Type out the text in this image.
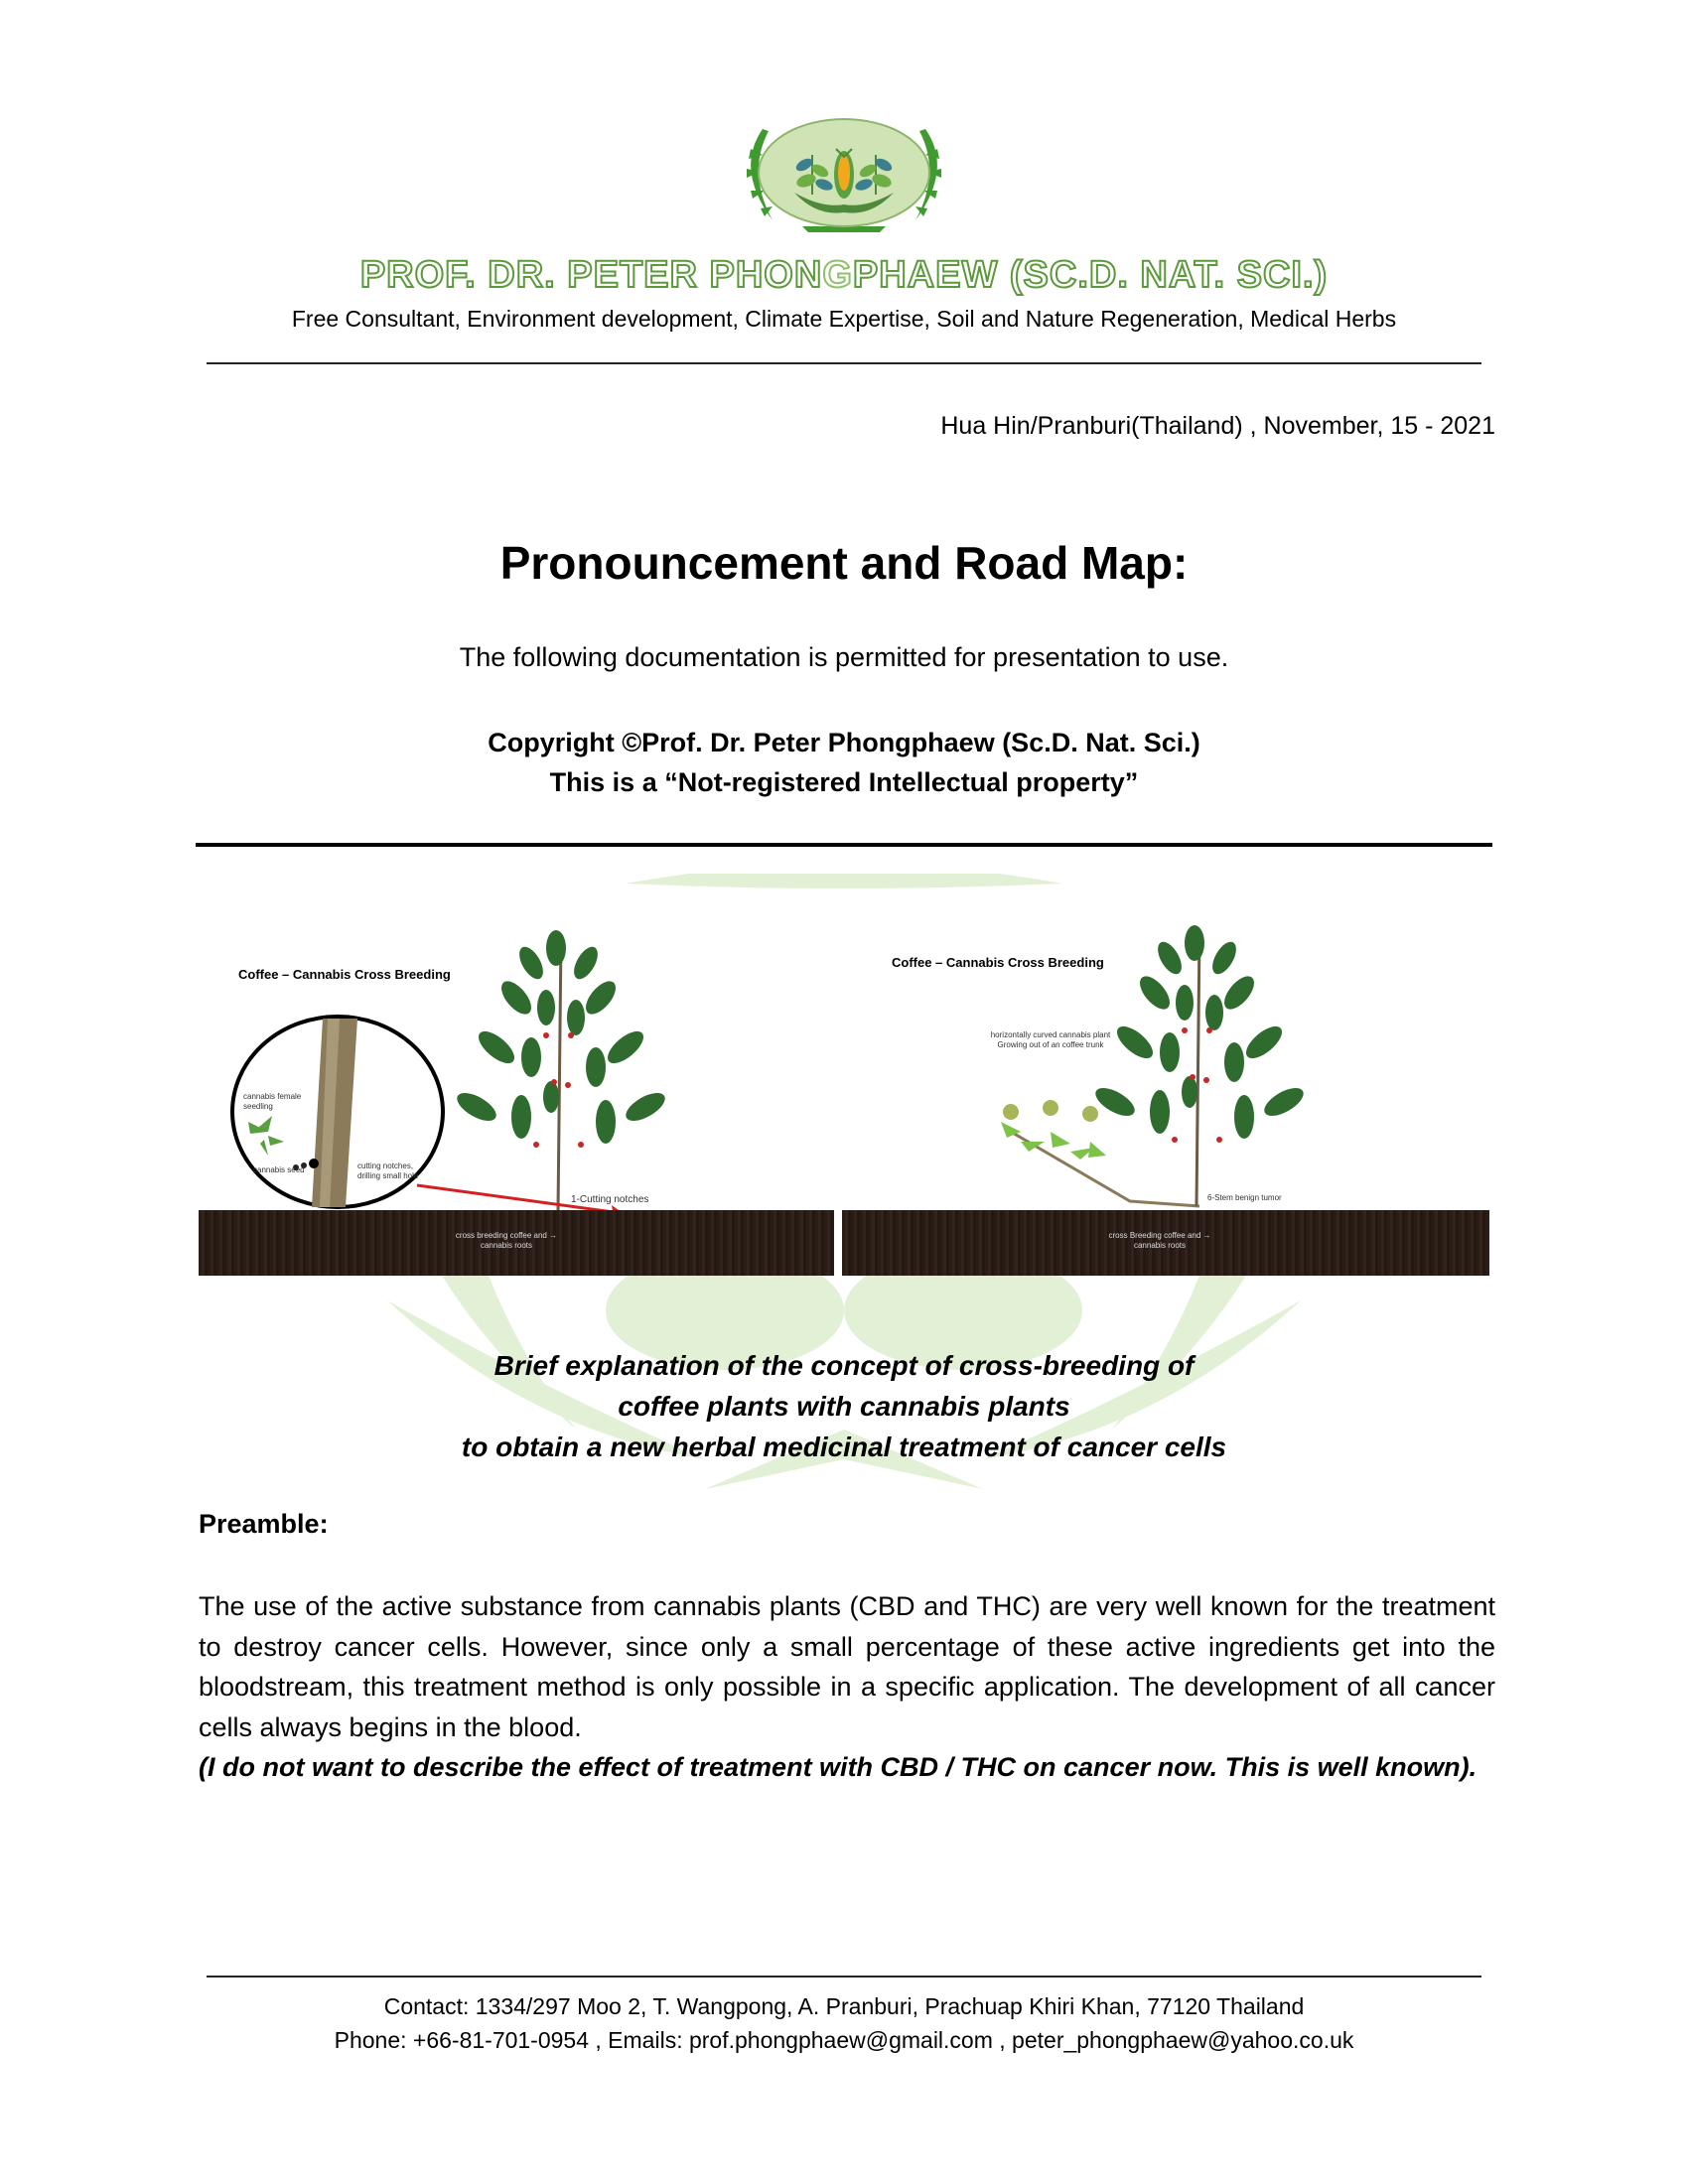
PROF. DR. PETER PHONGPHAEW (SC.D. NAT. SCI.)
Free Consultant, Environment development, Climate Expertise, Soil and Nature Regeneration, Medical Herbs
Hua Hin/Pranburi(Thailand) , November, 15 - 2021
Pronouncement and Road Map:
The following documentation is permitted for presentation to use.
Copyright ©Prof. Dr. Peter Phongphaew (Sc.D. Nat. Sci.)
This is a “Not-registered Intellectual property”
Coffee – Cannabis Cross Breeding
cannabis female seedling
cannabis seed	cutting notches, drilling small hole
1-Cutting notches
cross breeding coffee and → cannabis roots
Coffee – Cannabis Cross Breeding
horizontally curved cannabis plant Growing out of an coffee trunk
6-Stem benign tumor
cross Breeding coffee and → cannabis roots
Brief explanation of the concept of cross-breeding of
coffee plants with cannabis plants
to obtain a new herbal medicinal treatment of cancer cells
Preamble:
The use of the active substance from cannabis plants (CBD and THC) are very well known for the treatment to destroy cancer cells. However, since only a small percentage of these active ingredients get into the bloodstream, this treatment method is only possible in a specific application. The development of all cancer cells always begins in the blood.
(I do not want to describe the effect of treatment with CBD / THC on cancer now. This is well known).
Contact: 1334/297 Moo 2, T. Wangpong, A. Pranburi, Prachuap Khiri Khan, 77120 Thailand
Phone: +66-81-701-0954 , Emails: prof.phongphaew@gmail.com , peter_phongphaew@yahoo.co.uk
